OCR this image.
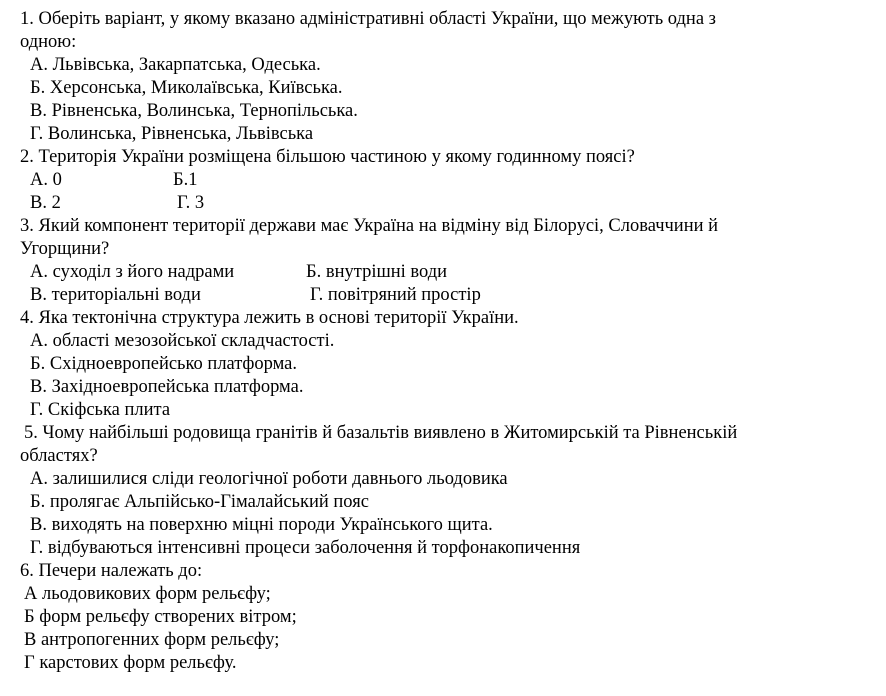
1. Оберіть варіант, у якому вказано адміністративні області України, що межують одна з
одною:
А. Львівська, Закарпатська, Одеська.
Б. Херсонська, Миколаївська, Київська.
В. Рівненська, Волинська, Тернопільська.
Г. Волинська, Рівненська, Львівська
2. Територія України розміщена більшою частиною у якому годинному поясі?
А. 0	Б.1
В. 2	Г. 3
3. Який компонент території держави має Україна на відміну від Білорусі, Словаччини й
Угорщини?
А. суходіл з його надрами	Б. внутрішні води
В. територіальні води	Г. повітряний простір
4. Яка тектонічна структура лежить в основі території України.
А. області мезозойської складчастості.
Б. Східноевропейсько платформа.
В. Західноевропейська платформа.
Г. Скіфська плита
5. Чому найбільші родовища гранітів й базальтів виявлено в Житомирській та Рівненській
областях?
А. залишилися сліди геологічної роботи давнього льодовика
Б. пролягає Альпійсько-Гімалайський пояс
В. виходять на поверхню міцні породи Українського щита.
Г. відбуваються інтенсивні процеси заболочення й торфонакопичення
6. Печери належать до:
А льодовикових форм рельєфу;
Б форм рельєфу створених вітром;
В антропогенних форм рельєфу;
Г карстових форм рельєфу.
